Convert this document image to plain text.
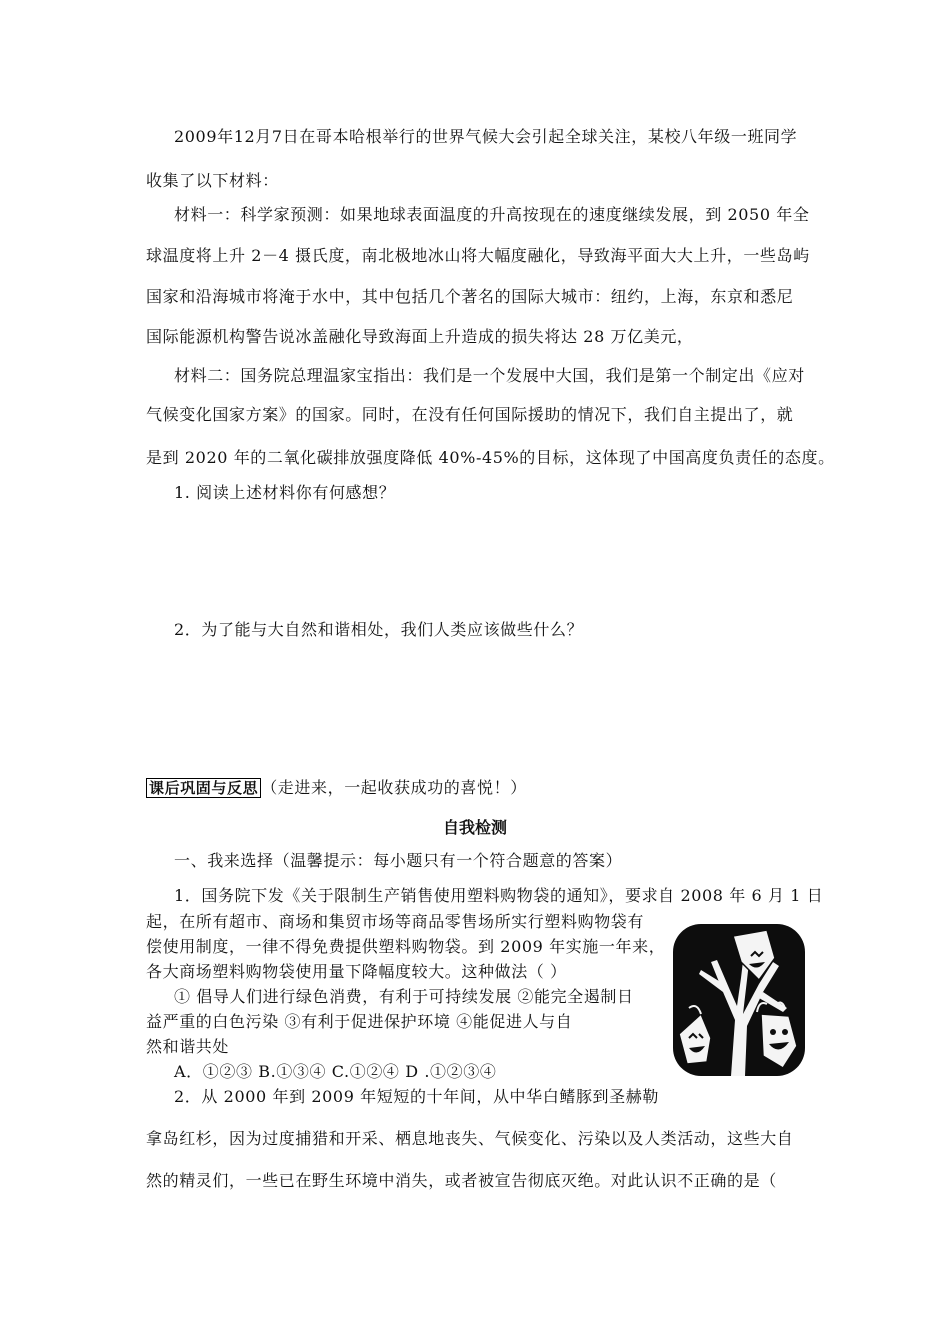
2009年12月7日在哥本哈根举行的世界气候大会引起全球关注，某校八年级一班同学
收集了以下材料：
材料一：科学家预测：如果地球表面温度的升高按现在的速度继续发展，到 2050 年全
球温度将上升 2－4 摄氏度，南北极地冰山将大幅度融化，导致海平面大大上升，一些岛屿
国家和沿海城市将淹于水中，其中包括几个著名的国际大城市：纽约，上海，东京和悉尼
国际能源机构警告说冰盖融化导致海面上升造成的损失将达 28 万亿美元，
材料二：国务院总理温家宝指出：我们是一个发展中大国，我们是第一个制定出《应对
气候变化国家方案》的国家。同时，在没有任何国际援助的情况下，我们自主提出了，就
是到 2020 年的二氧化碳排放强度降低 40%-45%的目标，这体现了中国高度负责任的态度。
1. 阅读上述材料你有何感想？
2．为了能与大自然和谐相处，我们人类应该做些什么？
课后巩固与反思 （走进来，一起收获成功的喜悦！）
自我检测
一、我来选择（温馨提示：每小题只有一个符合题意的答案）
1．国务院下发《关于限制生产销售使用塑料购物袋的通知》，要求自 2008 年 6 月 1 日
起，在所有超市、商场和集贸市场等商品零售场所实行塑料购物袋有
偿使用制度，一律不得免费提供塑料购物袋。到 2009 年实施一年来，
各大商场塑料购物袋使用量下降幅度较大。这种做法（ ）
① 倡导人们进行绿色消费，有利于可持续发展 ②能完全遏制日
益严重的白色污染 ③有利于促进保护环境 ④能促进人与自
然和谐共处
A．①②③ B.①③④ C.①②④ D .①②③④
2．从 2000 年到 2009 年短短的十年间，从中华白鳍豚到圣赫勒
拿岛红杉，因为过度捕猎和开采、栖息地丧失、气候变化、污染以及人类活动，这些大自
然的精灵们，一些已在野生环境中消失，或者被宣告彻底灭绝。对此认识不正确的是（
